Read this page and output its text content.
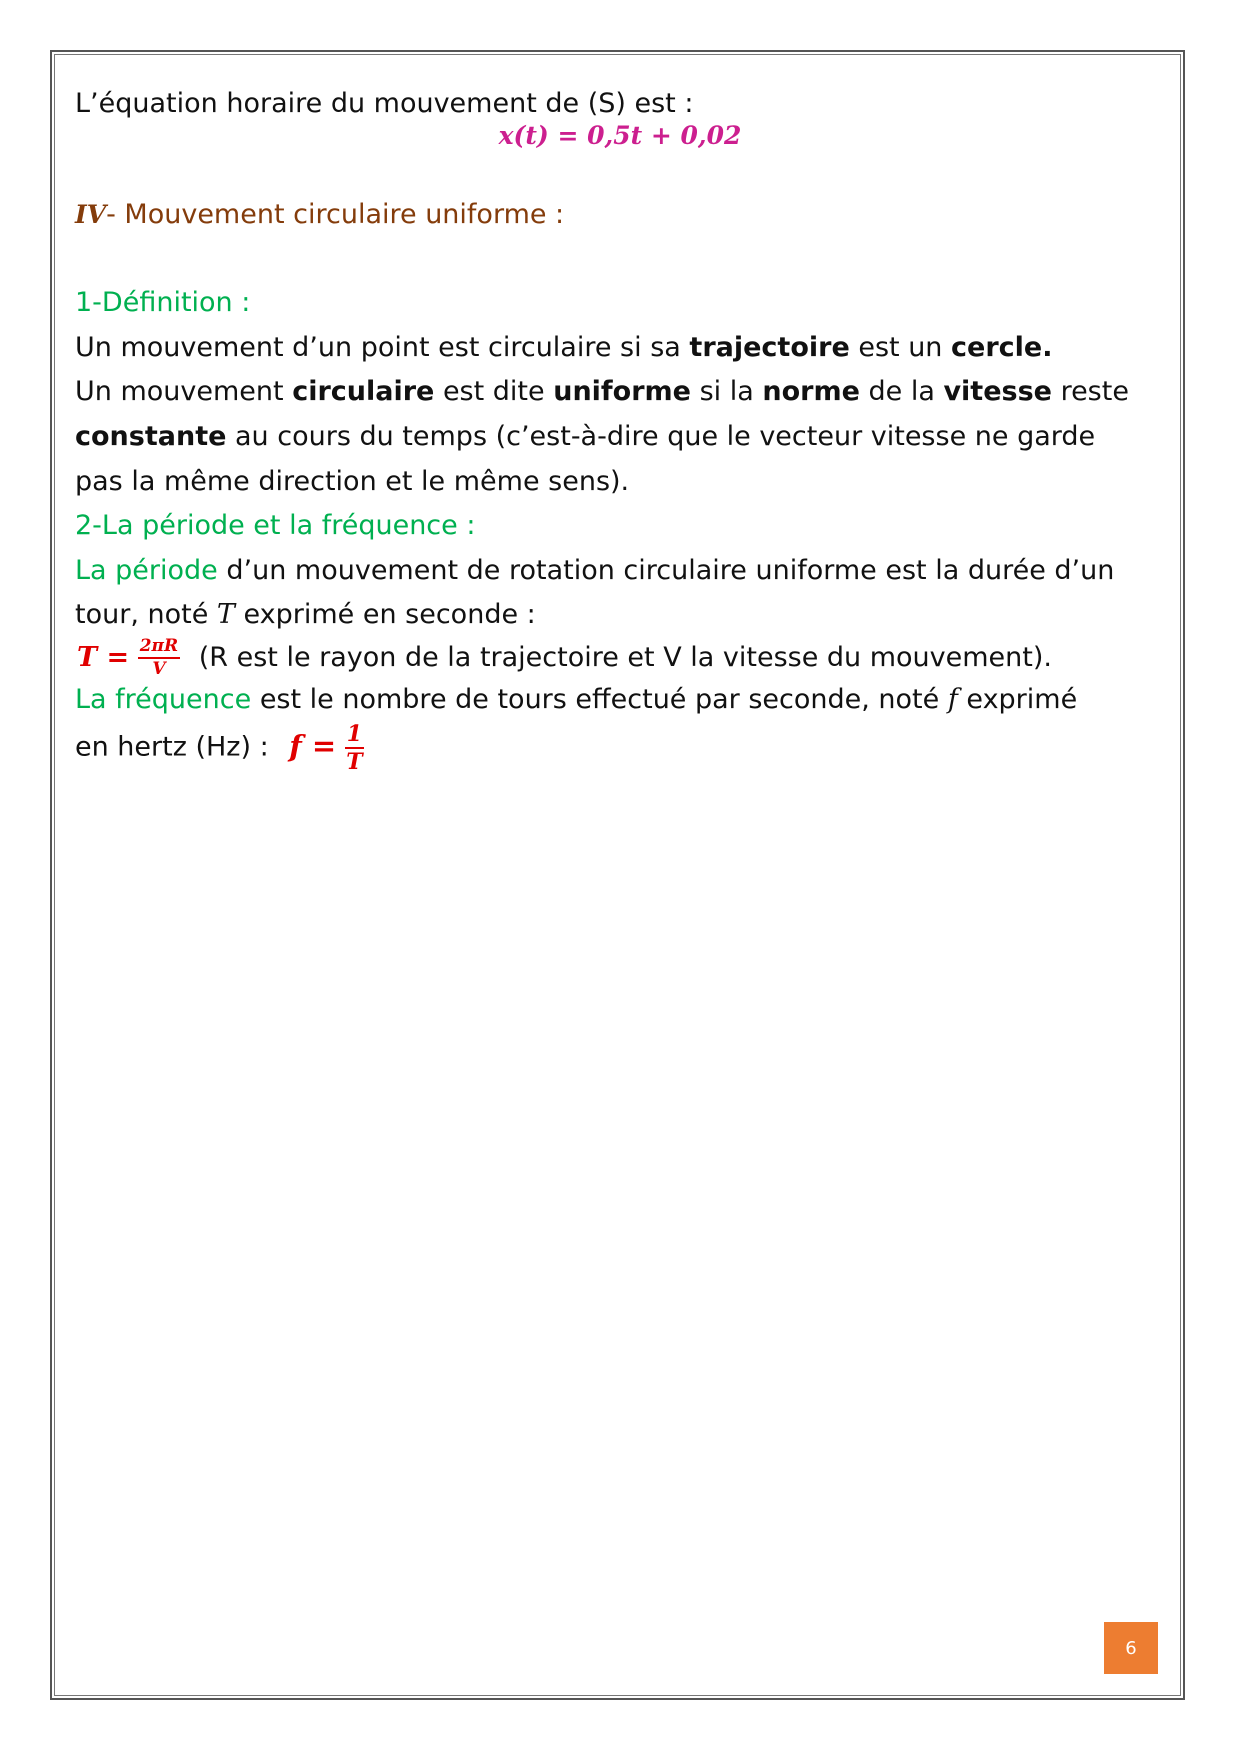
L’équation horaire du mouvement de (S) est :
x(t) = 0,5t + 0,02
IV- Mouvement circulaire uniforme :
1-Définition :
Un mouvement d’un point est circulaire si sa trajectoire est un cercle.
Un mouvement circulaire est dite uniforme si la norme de la vitesse reste
constante au cours du temps (c’est-à-dire que le vecteur vitesse ne garde
pas la même direction et le même sens).
2-La période et la fréquence :
La période d’un mouvement de rotation circulaire uniforme est la durée d’un
tour, noté T exprimé en seconde :
$T = \frac{2\pi R}{V} (R$ est le rayon de la trajectoire et V la vitesse du mouvement).
La fréquence est le nombre de tours effectué par seconde, noté f exprimé
en hertz (Hz) : $f = \frac{1}{T}$
6
